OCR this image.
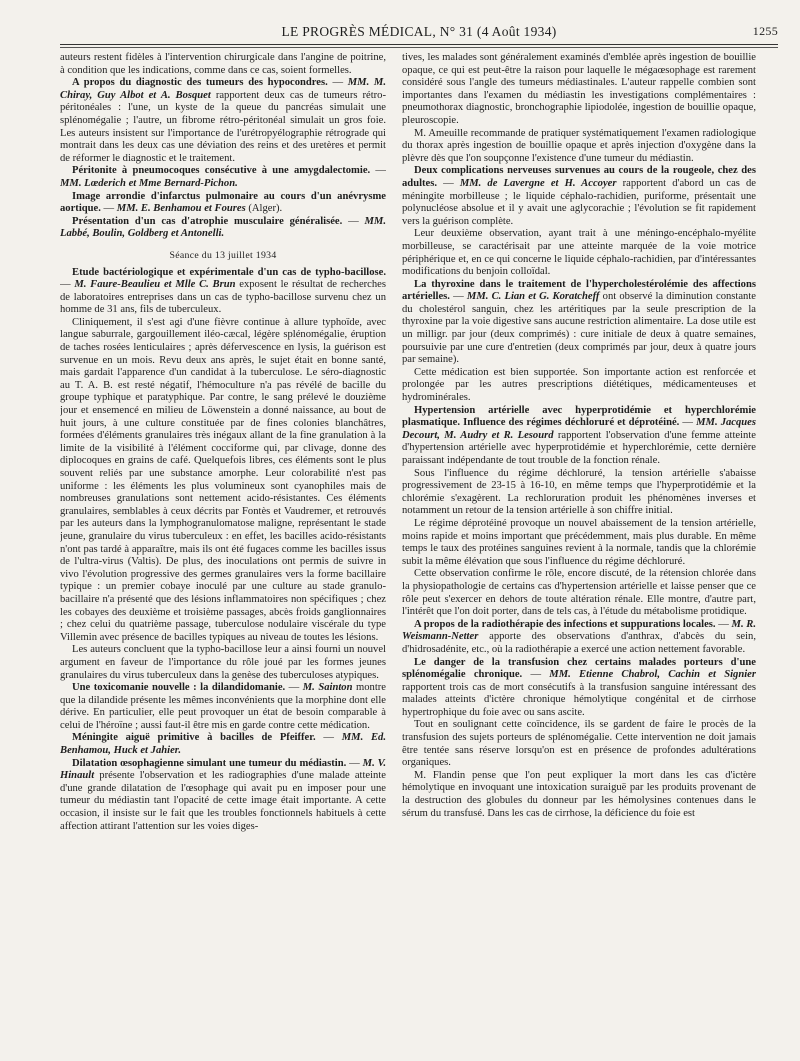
LE PROGRÈS MÉDICAL, N° 31 (4 Août 1934)	1255

auteurs restent fidèles à l'intervention chirurgicale dans l'angine de poitrine, à condition que les indications, comme dans ce cas, soient formelles.

A propos du diagnostic des tumeurs des hypocondres. — MM. M. Chiray, Guy Albot et A. Bosquet rapportent deux cas de tumeurs rétro-péritonéales : l'une, un kyste de la queue du pancréas simulait une splénomégalie ; l'autre, un fibrome rétro-péritonéal simulait un gros foie. Les auteurs insistent sur l'importance de l'urétropyélographie rétrograde qui montrait dans les deux cas une déviation des reins et des uretères et permit de réformer le diagnostic et le traitement.

Péritonite à pneumocoques consécutive à une amygdalectomie. — MM. Lœderich et Mme Bernard-Pichon.

Image arrondie d'infarctus pulmonaire au cours d'un anévrysme aortique. — MM. E. Benhamou et Foures (Alger).

Présentation d'un cas d'atrophie musculaire généralisée. — MM. Labbé, Boulin, Goldberg et Antonelli.

Séance du 13 juillet 1934

Etude bactériologique et expérimentale d'un cas de typho-bacillose. — M. Faure-Beaulieu et Mlle C. Brun exposent le résultat de recherches de laboratoires entreprises dans un cas de typho-bacillose survenu chez un homme de 31 ans, fils de tuberculeux.

Cliniquement, il s'est agi d'une fièvre continue à allure typhoïde, avec langue saburrale, gargouillement iléo-cæcal, légère splénomégalie, éruption de taches rosées lenticulaires ; après défervescence en lysis, la guérison est survenue en un mois. Revu deux ans après, le sujet était en bonne santé, mais gardait l'apparence d'un candidat à la tuberculose. Le séro-diagnostic au T. A. B. est resté négatif, l'hémoculture n'a pas révélé de bacille du groupe typhique et paratyphique. Par contre, le sang prélevé le douzième jour et ensemencé en milieu de Löwenstein a donné naissance, au bout de huit jours, à une culture constituée par de fines colonies blanchâtres, formées d'éléments granulaires très inégaux allant de la fine granulation à la limite de la visibilité à l'élément cocciforme qui, par clivage, donne des diplocoques en grains de café. Quelquefois libres, ces éléments sont le plus souvent reliés par une substance amorphe. Leur colorabilité n'est pas uniforme : les éléments les plus volumineux sont cyanophiles mais de nombreuses granulations sont nettement acido-résistantes. Ces éléments granulaires, semblables à ceux décrits par Fontès et Vaudremer, et retrouvés par les auteurs dans la lymphogranulomatose maligne, représentant le stade jeune, granulaire du virus tuberculeux : en effet, les bacilles acido-résistants n'ont pas tardé à apparaître, mais ils ont été fugaces comme les bacilles issus de l'ultra-virus (Valtis). De plus, des inoculations ont permis de suivre in vivo l'évolution progressive des germes granulaires vers la forme bacillaire typique : un premier cobaye inoculé par une culture au stade granulo-bacillaire n'a présenté que des lésions inflammatoires non spécifiques ; chez les cobayes des deuxième et troisième passages, abcès froids ganglionnaires ; chez celui du quatrième passage, tuberculose nodulaire viscérale du type Villemin avec présence de bacilles typiques au niveau de toutes les lésions.

Les auteurs concluent que la typho-bacillose leur a ainsi fourni un nouvel argument en faveur de l'importance du rôle joué par les formes jeunes granulaires du virus tuberculeux dans la genèse des tuberculoses atypiques.

Une toxicomanie nouvelle : la dilandidomanie. — M. Sainton montre que la dilandide présente les mêmes inconvénients que la morphine dont elle dérive. En particulier, elle peut provoquer un état de besoin comparable à celui de l'héroïne ; aussi faut-il être mis en garde contre cette médication.

Méningite aiguë primitive à bacilles de Pfeiffer. — MM. Ed. Benhamou, Huck et Jahier.

Dilatation œsophagienne simulant une tumeur du médiastin. — M. V. Hinault présente l'observation et les radiographies d'une malade atteinte d'une grande dilatation de l'œsophage qui avait pu en imposer pour une tumeur du médiastin tant l'opacité de cette image était importante. A cette occasion, il insiste sur le fait que les troubles fonctionnels habituels à cette affection attirant l'attention sur les voies diges-

tives, les malades sont généralement examinés d'emblée après ingestion de bouillie opaque, ce qui est peut-être la raison pour laquelle le mégaœsophage est rarement considéré sous l'angle des tumeurs médiastinales. L'auteur rappelle combien sont importantes dans l'examen du médiastin les investigations complémentaires : pneumothorax diagnostic, bronchographie lipiodolée, ingestion de bouillie opaque, pleuroscopie.

M. Ameuille recommande de pratiquer systématiquement l'examen radiologique du thorax après ingestion de bouillie opaque et après injection d'oxygène dans la plèvre dès que l'on soupçonne l'existence d'une tumeur du médiastin.

Deux complications nerveuses survenues au cours de la rougeole, chez des adultes. — MM. de Lavergne et H. Accoyer rapportent d'abord un cas de méningite morbilleuse ; le liquide céphalo-rachidien, puriforme, présentait une polynucléose absolue et il y avait une aglycorachie ; l'évolution se fit rapidement vers la guérison complète.

Leur deuxième observation, ayant trait à une méningo-encéphalo-myélite morbilleuse, se caractérisait par une atteinte marquée de la voie motrice périphérique et, en ce qui concerne le liquide céphalo-rachidien, par d'intéressantes modifications du benjoin colloïdal.

La thyroxine dans le traitement de l'hypercholestérolémie des affections artérielles. — MM. C. Lian et G. Koratcheff ont observé la diminution constante du cholestérol sanguin, chez les artéritiques par la seule prescription de la thyroxine par la voie digestive sans aucune restriction alimentaire. La dose utile est un milligr. par jour (deux comprimés) : cure initiale de deux à quatre semaines, poursuivie par une cure d'entretien (deux comprimés par jour, deux à quatre jours par semaine).

Cette médication est bien supportée. Son importante action est renforcée et prolongée par les autres prescriptions diététiques, médicamenteuses et hydrominérales.

Hypertension artérielle avec hyperprotidémie et hyperchlorémie plasmatique. Influence des régimes déchloruré et déprotéiné. — MM. Jacques Decourt, M. Audry et R. Lesourd rapportent l'observation d'une femme atteinte d'hypertension artérielle avec hyperprotidémie et hyperchlorémie, cette dernière paraissant indépendante de tout trouble de la fonction rénale.

Sous l'influence du régime déchloruré, la tension artérielle s'abaisse progressivement de 23-15 à 16-10, en même temps que l'hyperprotidémie et la chlorémie s'exagèrent. La rechloruration produit les phénomènes inverses et notamment un retour de la tension artérielle à son chiffre initial.

Le régime déprotéiné provoque un nouvel abaissement de la tension artérielle, moins rapide et moins important que précédemment, mais plus durable. En même temps le taux des protéines sanguines revient à la normale, tandis que la chlorémie subit la même élévation que sous l'influence du régime déchloruré.

Cette observation confirme le rôle, encore discuté, de la rétension chlorée dans la physiopathologie de certains cas d'hypertension artérielle et laisse penser que ce rôle peut s'exercer en dehors de toute altération rénale. Elle montre, d'autre part, l'intérêt que l'on doit porter, dans de tels cas, à l'étude du métabolisme protidique.

A propos de la radiothérapie des infections et suppurations locales. — M. R. Weismann-Netter apporte des observations d'anthrax, d'abcès du sein, d'hidrosadénite, etc., où la radiothérapie a exercé une action nettement favorable.

Le danger de la transfusion chez certains malades porteurs d'une splénomégalie chronique. — MM. Etienne Chabrol, Cachin et Signier rapportent trois cas de mort consécutifs à la transfusion sanguine intéressant des malades atteints d'ictère chronique hémolytique congénital et de cirrhose hypertrophique du foie avec ou sans ascite.

Tout en soulignant cette coïncidence, ils se gardent de faire le procès de la transfusion des sujets porteurs de splénomégalie. Cette intervention ne doit jamais être tentée sans réserve lorsqu'on est en présence de profondes adultérations organiques.

M. Flandin pense que l'on peut expliquer la mort dans les cas d'ictère hémolytique en invoquant une intoxication suraiguë par les produits provenant de la destruction des globules du donneur par les hémolysines contenues dans le sérum du transfusé. Dans les cas de cirrhose, la déficience du foie est
